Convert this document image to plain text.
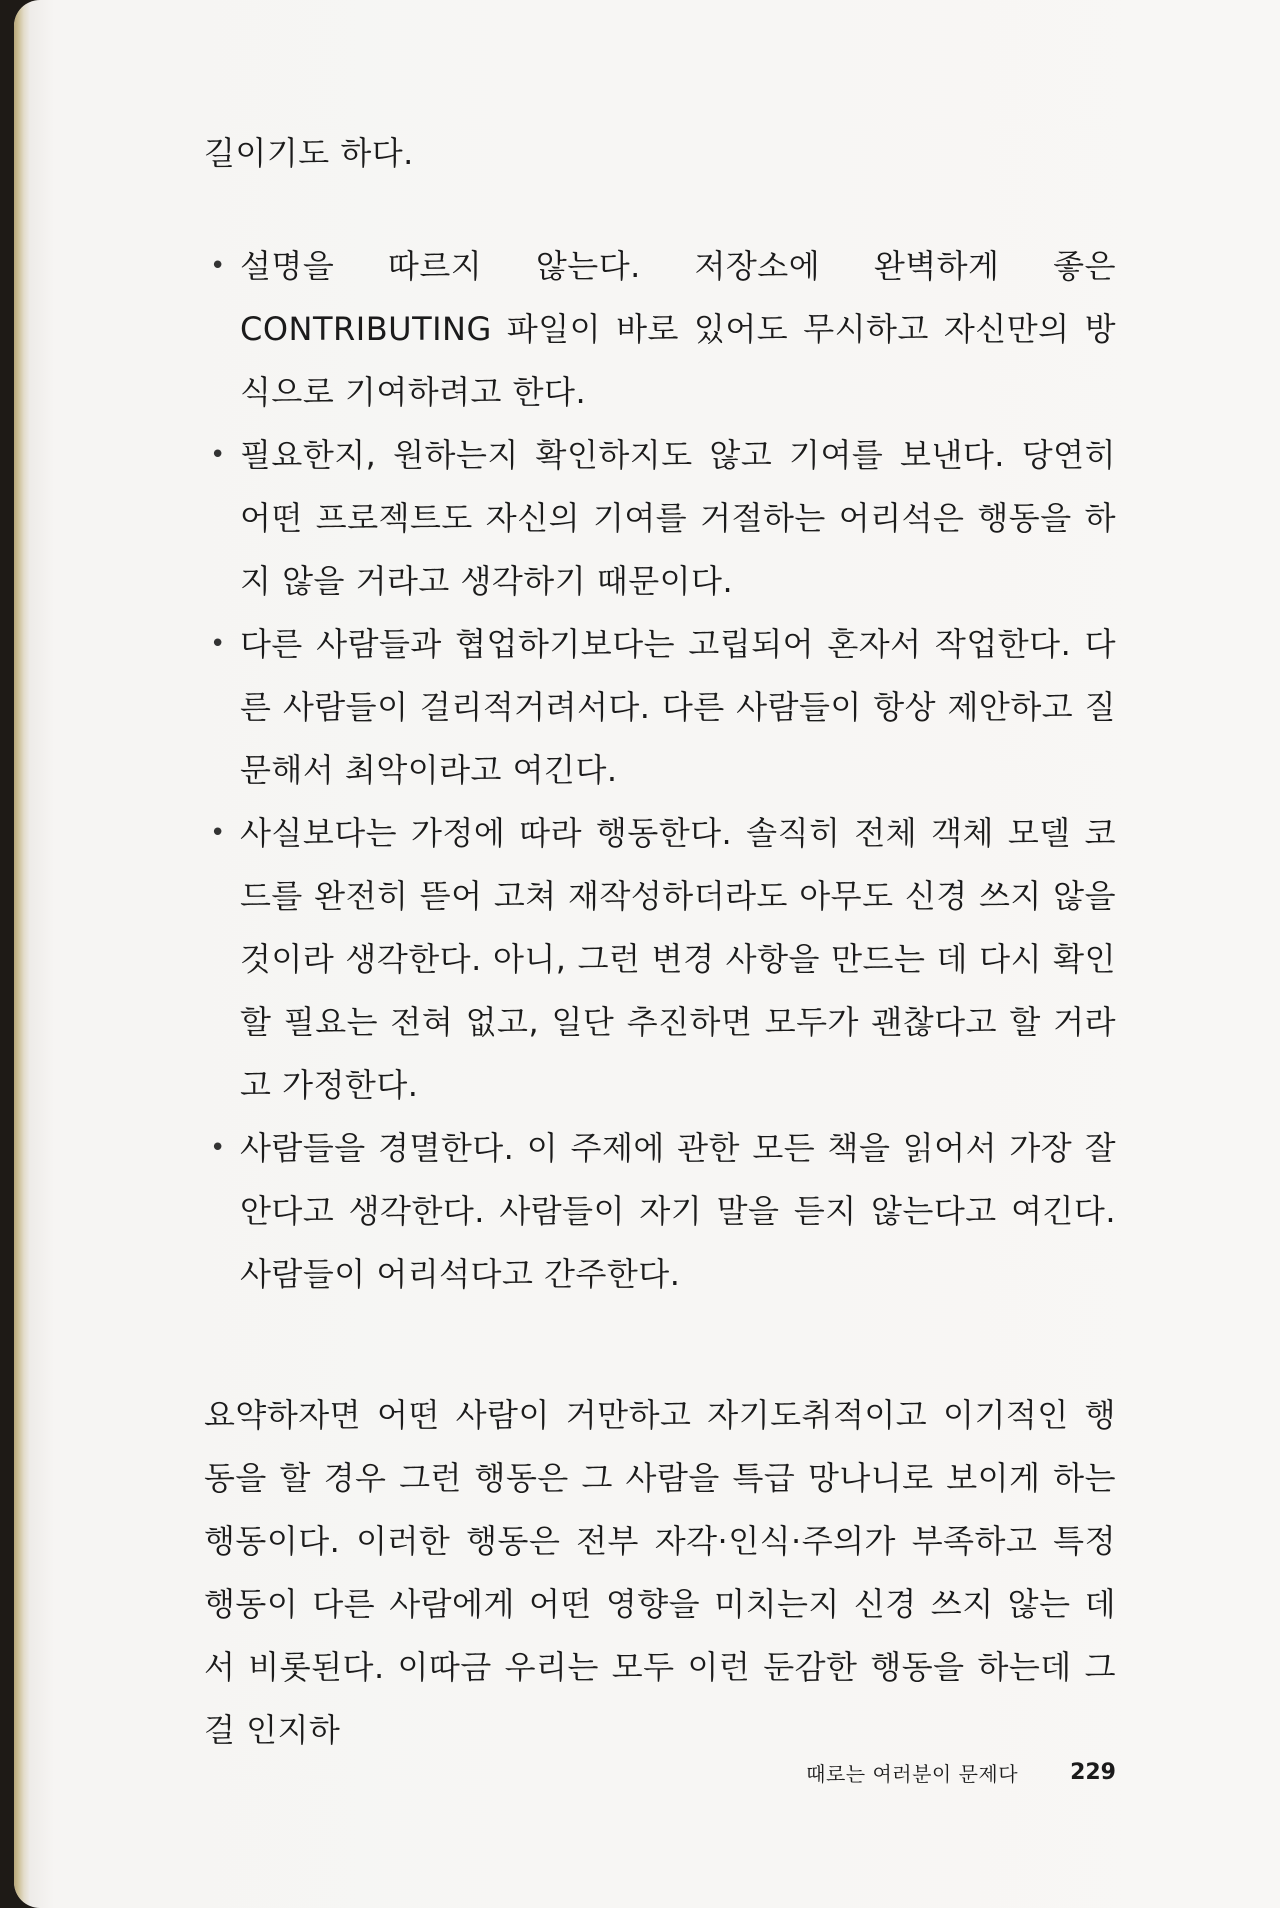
길이기도 하다.

• 설명을 따르지 않는다. 저장소에 완벽하게 좋은 CONTRIBUTING 파일이 바로 있어도 무시하고 자신만의 방식으로 기여하려고 한다.
• 필요한지, 원하는지 확인하지도 않고 기여를 보낸다. 당연히 어떤 프로젝트도 자신의 기여를 거절하는 어리석은 행동을 하지 않을 거라고 생각하기 때문이다.
• 다른 사람들과 협업하기보다는 고립되어 혼자서 작업한다. 다른 사람들이 걸리적거려서다. 다른 사람들이 항상 제안하고 질문해서 최악이라고 여긴다.
• 사실보다는 가정에 따라 행동한다. 솔직히 전체 객체 모델 코드를 완전히 뜯어 고쳐 재작성하더라도 아무도 신경 쓰지 않을 것이라 생각한다. 아니, 그런 변경 사항을 만드는 데 다시 확인할 필요는 전혀 없고, 일단 추진하면 모두가 괜찮다고 할 거라고 가정한다.
• 사람들을 경멸한다. 이 주제에 관한 모든 책을 읽어서 가장 잘 안다고 생각한다. 사람들이 자기 말을 듣지 않는다고 여긴다. 사람들이 어리석다고 간주한다.

요약하자면 어떤 사람이 거만하고 자기도취적이고 이기적인 행동을 할 경우 그런 행동은 그 사람을 특급 망나니로 보이게 하는 행동이다. 이러한 행동은 전부 자각·인식·주의가 부족하고 특정 행동이 다른 사람에게 어떤 영향을 미치는지 신경 쓰지 않는 데서 비롯된다. 이따금 우리는 모두 이런 둔감한 행동을 하는데 그걸 인지하

때로는 여러분이 문제다 229
